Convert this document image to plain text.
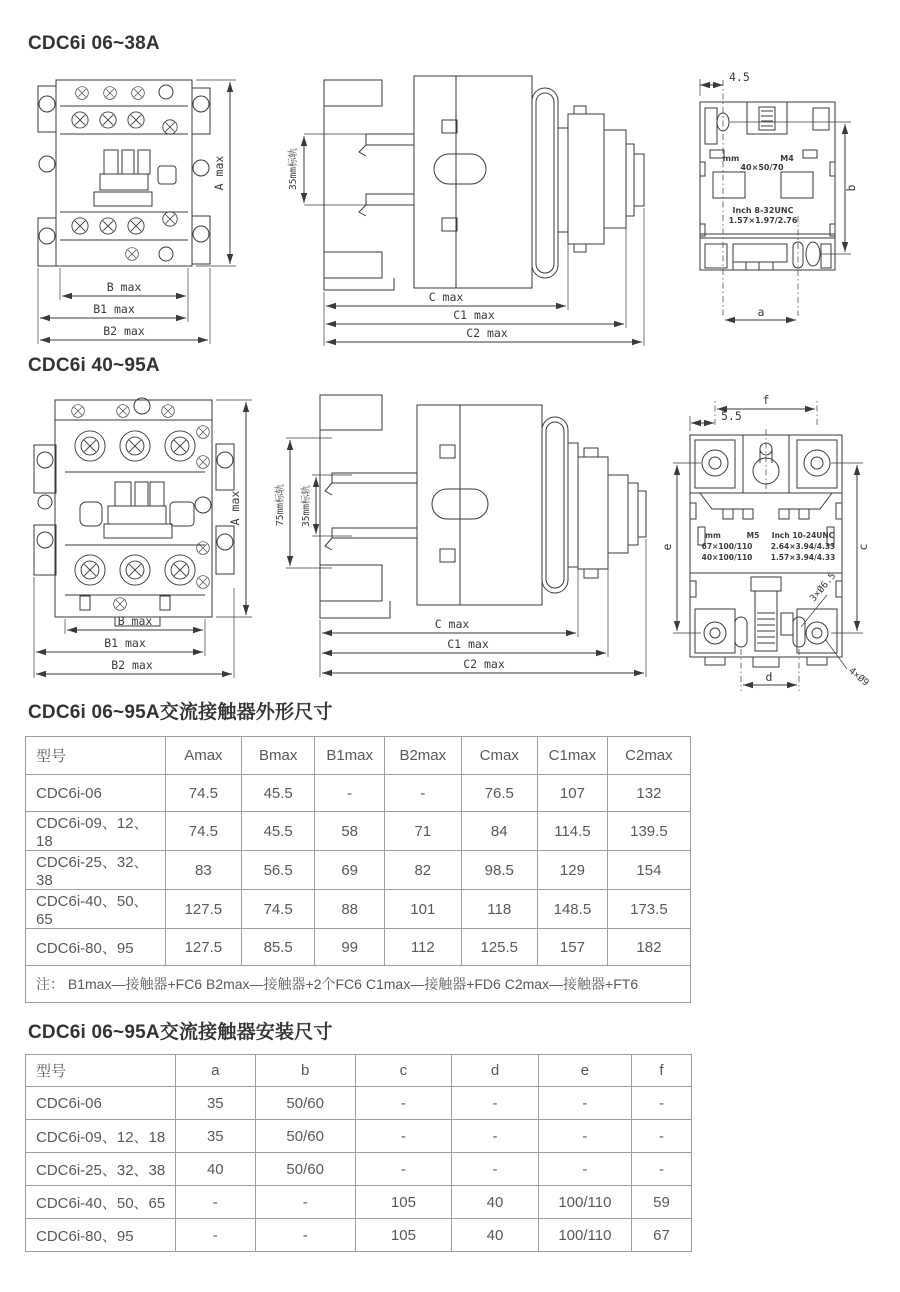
CDC6i 06~38A
A max
B max
B1 max
B2 max
35mm标轨
C max
C1 max
C2 max
mm	M4
40×50/70
Inch 8-32UNC
1.57×1.97/2.76
4.5
b
a
CDC6i 40~95A
A max
B max
B1 max
B2 max
75mm标轨 35mm标轨
C max
C1 max
C2 max
mm	M5 Inch 10-24UNC
67×100/110 2.64×3.94/4.33
40×100/110 1.57×3.94/4.33
f
5.5
e	c
d
3×Ø6.5
4×Ø9
CDC6i 06~95A交流接触器外形尺寸
型号	Amax	Bmax	B1max	B2max	Cmax	C1max	C2max
CDC6i-06	74.5	45.5	-	-	76.5	107	132
CDC6i-09、12、18	74.5	45.5	58	71	84	114.5	139.5
CDC6i-25、32、38	83	56.5	69	82	98.5	129	154
CDC6i-40、50、65	127.5	74.5	88	101	118	148.5	173.5
CDC6i-80、95	127.5	85.5	99	112	125.5	157	182
注： B1max—接触器+FC6 B2max—接触器+2个FC6 C1max—接触器+FD6 C2max—接触器+FT6							
CDC6i 06~95A交流接触器安装尺寸
型号	a	b	c	d	e	f
CDC6i-06	35	50/60	-	-	-	-
CDC6i-09、12、18	35	50/60	-	-	-	-
CDC6i-25、32、38	40	50/60	-	-	-	-
CDC6i-40、50、65	-	-	105	40	100/110	59
CDC6i-80、95	-	-	105	40	100/110	67
